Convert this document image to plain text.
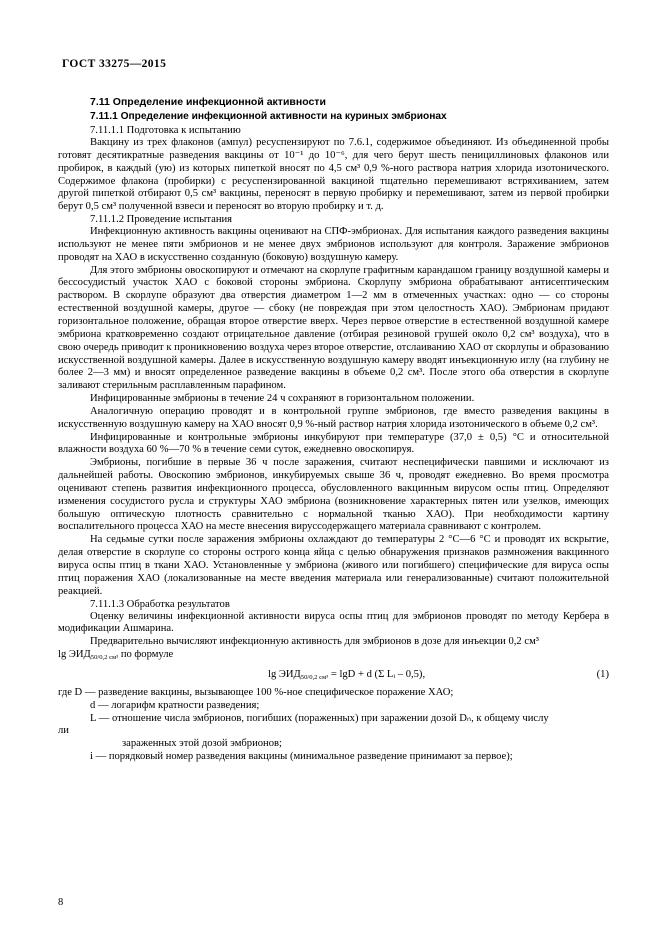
ГОСТ 33275—2015
7.11 Определение инфекционной активности
7.11.1 Определение инфекционной активности на куриных эмбрионах
7.11.1.1 Подготовка к испытанию

Вакцину из трех флаконов (ампул) ресуспензируют по 7.6.1, содержимое объединяют. Из объединенной пробы готовят десятикратные разведения вакцины от 10⁻¹ до 10⁻⁶, для чего берут шесть пенициллиновых флаконов или пробирок, в каждый (ую) из которых пипеткой вносят по 4,5 см³ 0,9 %-ного раствора натрия хлорида изотонического. Содержимое флакона (пробирки) с ресуспензированной вакциной тщательно перемешивают встряхиванием, затем другой пипеткой отбирают 0,5 см³ вакцины, переносят в первую пробирку и перемешивают, затем из первой пробирки берут 0,5 см³ полученной взвеси и переносят во вторую пробирку и т. д.

7.11.1.2 Проведение испытания

Инфекционную активность вакцины оценивают на СПФ-эмбрионах. Для испытания каждого разведения вакцины используют не менее пяти эмбрионов и не менее двух эмбрионов используют для контроля. Заражение эмбрионов проводят на ХАО в искусственно созданную (боковую) воздушную камеру.

Для этого эмбрионы овоскопируют и отмечают на скорлупе графитным карандашом границу воздушной камеры и бессосудистый участок ХАО с боковой стороны эмбриона. Скорлупу эмбриона обрабатывают антисептическим раствором. В скорлупе образуют два отверстия диаметром 1—2 мм в отмеченных участках: одно — со стороны естественной воздушной камеры, другое — сбоку (не повреждая при этом целостность ХАО). Эмбрионам придают горизонтальное положение, обращая второе отверстие вверх. Через первое отверстие в естественной воздушной камере эмбриона кратковременно создают отрицательное давление (отбирая резиновой грушей около 0,2 см³ воздуха), что в свою очередь приводит к проникновению воздуха через второе отверстие, отслаиванию ХАО от скорлупы и образованию искусственной воздушной камеры. Далее в искусственную воздушную камеру вводят инъекционную иглу (на глубину не более 2—3 мм) и вносят определенное разведение вакцины в объеме 0,2 см³. После этого оба отверстия в скорлупе заливают стерильным расплавленным парафином.

Инфицированные эмбрионы в течение 24 ч сохраняют в горизонтальном положении.

Аналогичную операцию проводят и в контрольной группе эмбрионов, где вместо разведения вакцины в искусственную воздушную камеру на ХАО вносят 0,9 %-ный раствор натрия хлорида изотонического в объеме 0,2 см³.

Инфицированные и контрольные эмбрионы инкубируют при температуре (37,0 ± 0,5) °С и относительной влажности воздуха 60 %—70 % в течение семи суток, ежедневно овоскопируя.

Эмбрионы, погибшие в первые 36 ч после заражения, считают неспецифически павшими и исключают из дальнейшей работы. Овоскопию эмбрионов, инкубируемых свыше 36 ч, проводят ежедневно. Во время просмотра оценивают степень развития инфекционного процесса, обусловленного вакцинным вирусом оспы птиц. Определяют изменения сосудистого русла и структуры ХАО эмбриона (возникновение характерных пятен или узелков, имеющих большую оптическую плотность сравнительно с нормальной тканью ХАО). При необходимости картину воспалительного процесса ХАО на месте внесения вируссодержащего материала сравнивают с контролем.

На седьмые сутки после заражения эмбрионы охлаждают до температуры 2 °С—6 °С и проводят их вскрытие, делая отверстие в скорлупе со стороны острого конца яйца с целью обнаружения признаков размножения вакцинного вируса оспы птиц в ткани ХАО. Установленные у эмбриона (живого или погибшего) специфические для вируса оспы птиц поражения ХАО (локализованные на месте введения материала или генерализованные) считают положительной реакцией.

7.11.1.3 Обработка результатов

Оценку величины инфекционной активности вируса оспы птиц для эмбрионов проводят по методу Кербера в модификации Ашмарина.

Предварительно вычисляют инфекционную активность для эмбрионов в дозе для инъекции 0,2 см³

$\lg ЭИД_{50/0,2 см^3}$ по формуле

$\lg ЭИД_{50/0,2 см^3} = \lg D + d$ (Σ Lᵢ – 0,5),	(1)

где D — разведение вакцины, вызывающее 100 %-ное специфическое поражение ХАО;

d — логарифм кратности разведения;

L — отношение числа эмбрионов, погибших (пораженных) при заражении дозой Dₙ, к общему числу

ли

зараженных этой дозой эмбрионов;

i — порядковый номер разведения вакцины (минимальное разведение принимают за первое);

8
